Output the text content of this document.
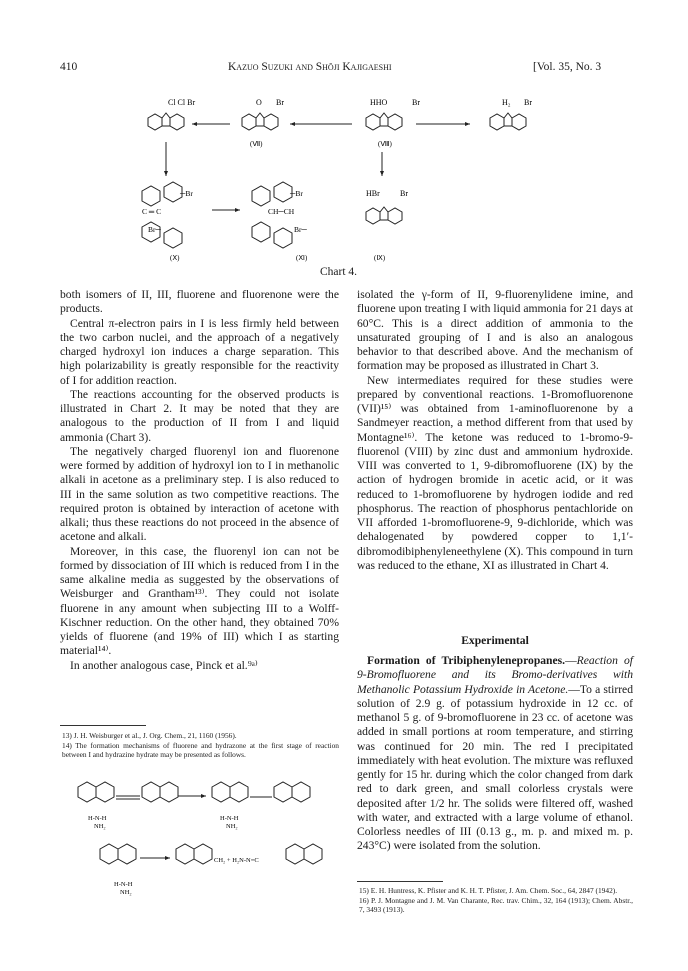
410	Kazuo Suzuki and Shōji Kajigaeshi	[Vol. 35, No. 3
Cl Cl Br	O Br
(Ⅶ)
HHO	Br
(Ⅷ)
H₂ Br
─Br
C ═ C
Br─
(Ⅹ)
─Br
CH─CH
Br─
(Ⅺ)
HBr	Br
(Ⅸ)
Chart 4.

both isomers of II, III, fluorene and fluorenone were the products.

Central π-electron pairs in I is less firmly held between the two carbon nuclei, and the approach of a negatively charged hydroxyl ion induces a charge separation. This high polarizability is greatly responsible for the reactivity of I for addition reaction.

The reactions accounting for the observed products is illustrated in Chart 2. It may be noted that they are analogous to the production of II from I and liquid ammonia (Chart 3).

The negatively charged fluorenyl ion and fluorenone were formed by addition of hydroxyl ion to I in methanolic alkali in acetone as a preliminary step. I is also reduced to III in the same solution as two competitive reactions. The required proton is obtained by interaction of acetone with alkali; thus these reactions do not proceed in the absence of acetone and alkali.

Moreover, in this case, the fluorenyl ion can not be formed by dissociation of III which is reduced from I in the same alkaline media as suggested by the observations of Weisburger and Grantham¹³⁾. They could not isolate fluorene in any amount when subjecting III to a Wolff-Kischner reduction. On the other hand, they obtained 70% yields of fluorene (and 19% of III) which I as starting material¹⁴⁾.

In another analogous case, Pinck et al.⁹ᵃ⁾

13) J. H. Weisburger et al., J. Org. Chem., 21, 1160 (1956).

14) The formation mechanisms of fluorene and hydrazone at the first stage of reaction between I and hydrazine hydrate may be presented as follows.

H-N-H
NH₂
H-N-H
NH₂
CH₂ + H₂N-N=C
H-N-H
NH₂

isolated the γ-form of II, 9-fluorenylidene imine, and fluorene upon treating I with liquid ammonia for 21 days at 60°C. This is a direct addition of ammonia to the unsaturated grouping of I and is also an analogous behavior to that described above. And the mechanism of formation may be proposed as illustrated in Chart 3.

New intermediates required for these studies were prepared by conventional reactions. 1-Bromofluorenone (VII)¹⁵⁾ was obtained from 1-aminofluorenone by a Sandmeyer reaction, a method different from that used by Montagne¹⁶⁾. The ketone was reduced to 1-bromo-9-fluorenol (VIII) by zinc dust and ammonium hydroxide. VIII was converted to 1, 9-dibromofluorene (IX) by the action of hydrogen bromide in acetic acid, or it was reduced to 1-bromofluorene by hydrogen iodide and red phosphorus. The reaction of phosphorus pentachloride on VII afforded 1-bromofluorene-9, 9-dichloride, which was dehalogenated by powdered copper to 1,1′-dibromodibiphenyleneethylene (X). This compound in turn was reduced to the ethane, XI as illustrated in Chart 4.

Experimental

Formation of Tribiphenylenepropanes.—Reaction of 9-Bromofluorene and its Bromo-derivatives with Methanolic Potassium Hydroxide in Acetone.—To a stirred solution of 2.9 g. of potassium hydroxide in 12 cc. of methanol 5 g. of 9-bromofluorene in 23 cc. of acetone was added in small portions at room temperature, and stirring was continued for 20 min. The red I precipitated immediately with heat evolution. The mixture was refluxed gently for 15 hr. during which the color changed from dark red to dark green, and small colorless crystals were deposited after 1/2 hr. The solids were filtered off, washed with water, and extracted with a large volume of ethanol. Colorless needles of III (0.13 g., m. p. and mixed m. p. 243°C) were isolated from the solution.

15) E. H. Huntress, K. Pfister and K. H. T. Pfister, J. Am. Chem. Soc., 64, 2847 (1942).

16) P. J. Montagne and J. M. Van Charante, Rec. trav. Chim., 32, 164 (1913); Chem. Abstr., 7, 3493 (1913).
